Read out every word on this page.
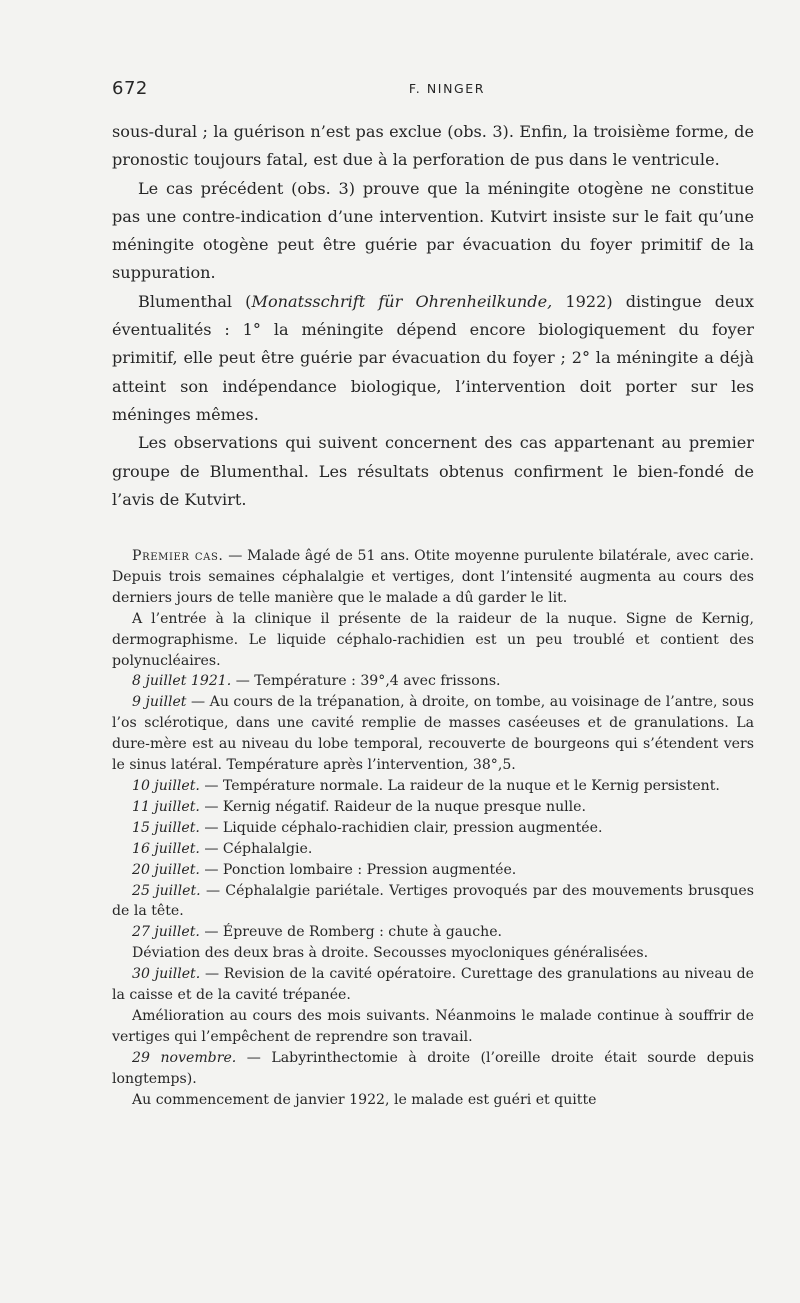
672	F. NINGER

sous-dural ; la guérison n’est pas exclue (obs. 3). Enfin, la troisième forme, de pronostic toujours fatal, est due à la perforation de pus dans le ventricule.

Le cas précédent (obs. 3) prouve que la méningite otogène ne constitue pas une contre-indication d’une intervention. Kutvirt insiste sur le fait qu’une méningite otogène peut être guérie par évacuation du foyer primitif de la suppuration.

Blumenthal (Monatsschrift für Ohrenheilkunde, 1922) distingue deux éventualités : 1° la méningite dépend encore biologiquement du foyer primitif, elle peut être guérie par évacuation du foyer ; 2° la méningite a déjà atteint son indépendance biologique, l’intervention doit porter sur les méninges mêmes.

Les observations qui suivent concernent des cas appartenant au premier groupe de Blumenthal. Les résultats obtenus confirment le bien-fondé de l’avis de Kutvirt.

Premier cas. — Malade âgé de 51 ans. Otite moyenne purulente bilatérale, avec carie. Depuis trois semaines céphalalgie et vertiges, dont l’intensité augmenta au cours des derniers jours de telle manière que le malade a dû garder le lit.

A l’entrée à la clinique il présente de la raideur de la nuque. Signe de Kernig, dermographisme. Le liquide céphalo-rachidien est un peu troublé et contient des polynucléaires.

8 juillet 1921. — Température : 39°,4 avec frissons.

9 juillet — Au cours de la trépanation, à droite, on tombe, au voisinage de l’antre, sous l’os sclérotique, dans une cavité remplie de masses caséeuses et de granulations. La dure-mère est au niveau du lobe temporal, recouverte de bourgeons qui s’étendent vers le sinus latéral. Température après l’intervention, 38°,5.

10 juillet. — Température normale. La raideur de la nuque et le Kernig persistent.

11 juillet. — Kernig négatif. Raideur de la nuque presque nulle.

15 juillet. — Liquide céphalo-rachidien clair, pression augmentée.

16 juillet. — Céphalalgie.

20 juillet. — Ponction lombaire : Pression augmentée.

25 juillet. — Céphalalgie pariétale. Vertiges provoqués par des mouvements brusques de la tête.

27 juillet. — Épreuve de Romberg : chute à gauche.

Déviation des deux bras à droite. Secousses myocloniques généralisées.

30 juillet. — Revision de la cavité opératoire. Curettage des granulations au niveau de la caisse et de la cavité trépanée.

Amélioration au cours des mois suivants. Néanmoins le malade continue à souffrir de vertiges qui l’empêchent de reprendre son travail.

29 novembre. — Labyrinthectomie à droite (l’oreille droite était sourde depuis longtemps).

Au commencement de janvier 1922, le malade est guéri et quitte
